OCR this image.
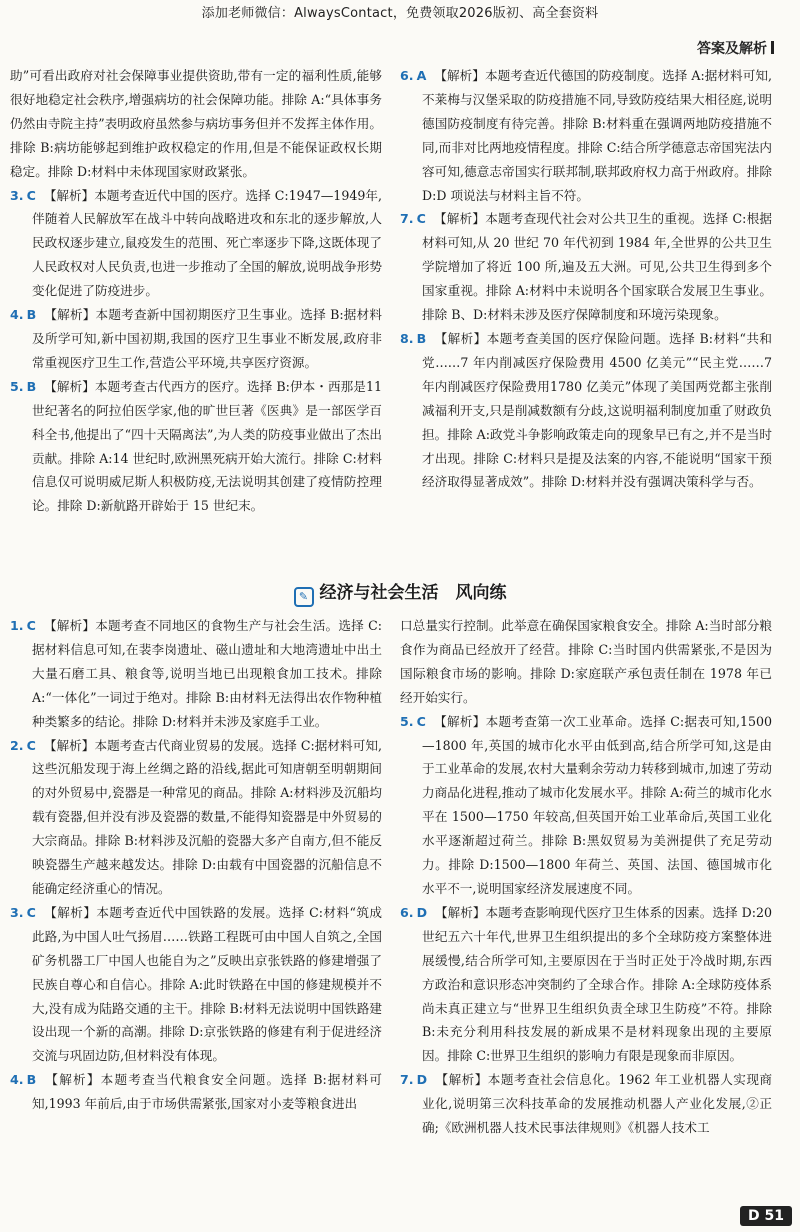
添加老师微信：AlwaysContact，免费领取2026版初、高全套资料
答案及解析

助”可看出政府对社会保障事业提供资助,带有一定的福利性质,能够很好地稳定社会秩序,增强病坊的社会保障功能。排除 A:“具体事务仍然由寺院主持”表明政府虽然参与病坊事务但并不发挥主体作用。排除 B:病坊能够起到维护政权稳定的作用,但是不能保证政权长期稳定。排除 D:材料中未体现国家财政紧张。

3. C 【解析】本题考查近代中国的医疗。选择 C:1947—1949年,伴随着人民解放军在战斗中转向战略进攻和东北的逐步解放,人民政权逐步建立,鼠疫发生的范围、死亡率逐步下降,这既体现了人民政权对人民负责,也进一步推动了全国的解放,说明战争形势变化促进了防疫进步。

4. B 【解析】本题考查新中国初期医疗卫生事业。选择 B:据材料及所学可知,新中国初期,我国的医疗卫生事业不断发展,政府非常重视医疗卫生工作,营造公平环境,共享医疗资源。

5. B 【解析】本题考查古代西方的医疗。选择 B:伊本・西那是11 世纪著名的阿拉伯医学家,他的旷世巨著《医典》是一部医学百科全书,他提出了“四十天隔离法”,为人类的防疫事业做出了杰出贡献。排除 A:14 世纪时,欧洲黑死病开始大流行。排除 C:材料信息仅可说明威尼斯人积极防疫,无法说明其创建了疫情防控理论。排除 D:新航路开辟始于 15 世纪末。

6. A 【解析】本题考查近代德国的防疫制度。选择 A:据材料可知,不莱梅与汉堡采取的防疫措施不同,导致防疫结果大相径庭,说明德国防疫制度有待完善。排除 B:材料重在强调两地防疫措施不同,而非对比两地疫情程度。排除 C:结合所学德意志帝国宪法内容可知,德意志帝国实行联邦制,联邦政府权力高于州政府。排除 D:D 项说法与材料主旨不符。

7. C 【解析】本题考查现代社会对公共卫生的重视。选择 C:根据材料可知,从 20 世纪 70 年代初到 1984 年,全世界的公共卫生学院增加了将近 100 所,遍及五大洲。可见,公共卫生得到多个国家重视。排除 A:材料中未说明各个国家联合发展卫生事业。排除 B、D:材料未涉及医疗保障制度和环境污染现象。

8. B 【解析】本题考查美国的医疗保险问题。选择 B:材料“共和党……7 年内削减医疗保险费用 4500 亿美元”“民主党……7 年内削减医疗保险费用1780 亿美元”体现了美国两党都主张削减福利开支,只是削减数额有分歧,这说明福利制度加重了财政负担。排除 A:政党斗争影响政策走向的现象早已有之,并不是当时才出现。排除 C:材料只是提及法案的内容,不能说明“国家干预经济取得显著成效”。排除 D:材料并没有强调决策科学与否。

✎ 经济与社会生活　风向练

1. C 【解析】本题考查不同地区的食物生产与社会生活。选择 C:据材料信息可知,在裴李岗遗址、磁山遗址和大地湾遗址中出土大量石磨工具、粮食等,说明当地已出现粮食加工技术。排除 A:“一体化”一词过于绝对。排除 B:由材料无法得出农作物种植种类繁多的结论。排除 D:材料并未涉及家庭手工业。

2. C 【解析】本题考查古代商业贸易的发展。选择 C:据材料可知,这些沉船发现于海上丝绸之路的沿线,据此可知唐朝至明朝期间的对外贸易中,瓷器是一种常见的商品。排除 A:材料涉及沉船均载有瓷器,但并没有涉及瓷器的数量,不能得知瓷器是中外贸易的大宗商品。排除 B:材料涉及沉船的瓷器大多产自南方,但不能反映瓷器生产越来越发达。排除 D:由载有中国瓷器的沉船信息不能确定经济重心的情况。

3. C 【解析】本题考查近代中国铁路的发展。选择 C:材料“筑成此路,为中国人吐气扬眉……铁路工程既可由中国人自筑之,全国矿务机器工厂中国人也能自为之”反映出京张铁路的修建增强了民族自尊心和自信心。排除 A:此时铁路在中国的修建规模并不大,没有成为陆路交通的主干。排除 B:材料无法说明中国铁路建设出现一个新的高潮。排除 D:京张铁路的修建有利于促进经济交流与巩固边防,但材料没有体现。

4. B 【解析】本题考查当代粮食安全问题。选择 B:据材料可知,1993 年前后,由于市场供需紧张,国家对小麦等粮食进出

口总量实行控制。此举意在确保国家粮食安全。排除 A:当时部分粮食作为商品已经放开了经营。排除 C:当时国内供需紧张,不是因为国际粮食市场的影响。排除 D:家庭联产承包责任制在 1978 年已经开始实行。

5. C 【解析】本题考查第一次工业革命。选择 C:据表可知,1500—1800 年,英国的城市化水平由低到高,结合所学可知,这是由于工业革命的发展,农村大量剩余劳动力转移到城市,加速了劳动力商品化进程,推动了城市化发展水平。排除 A:荷兰的城市化水平在 1500—1750 年较高,但英国开始工业革命后,英国工业化水平逐渐超过荷兰。排除 B:黑奴贸易为美洲提供了充足劳动力。排除 D:1500—1800 年荷兰、英国、法国、德国城市化水平不一,说明国家经济发展速度不同。

6. D 【解析】本题考查影响现代医疗卫生体系的因素。选择 D:20 世纪五六十年代,世界卫生组织提出的多个全球防疫方案整体进展缓慢,结合所学可知,主要原因在于当时正处于冷战时期,东西方政治和意识形态冲突制约了全球合作。排除 A:全球防疫体系尚未真正建立与“世界卫生组织负责全球卫生防疫”不符。排除 B:未充分利用科技发展的新成果不是材料现象出现的主要原因。排除 C:世界卫生组织的影响力有限是现象而非原因。

7. D 【解析】本题考查社会信息化。1962 年工业机器人实现商业化,说明第三次科技革命的发展推动机器人产业化发展,②正确;《欧洲机器人技术民事法律规则》《机器人技术工

D 51
